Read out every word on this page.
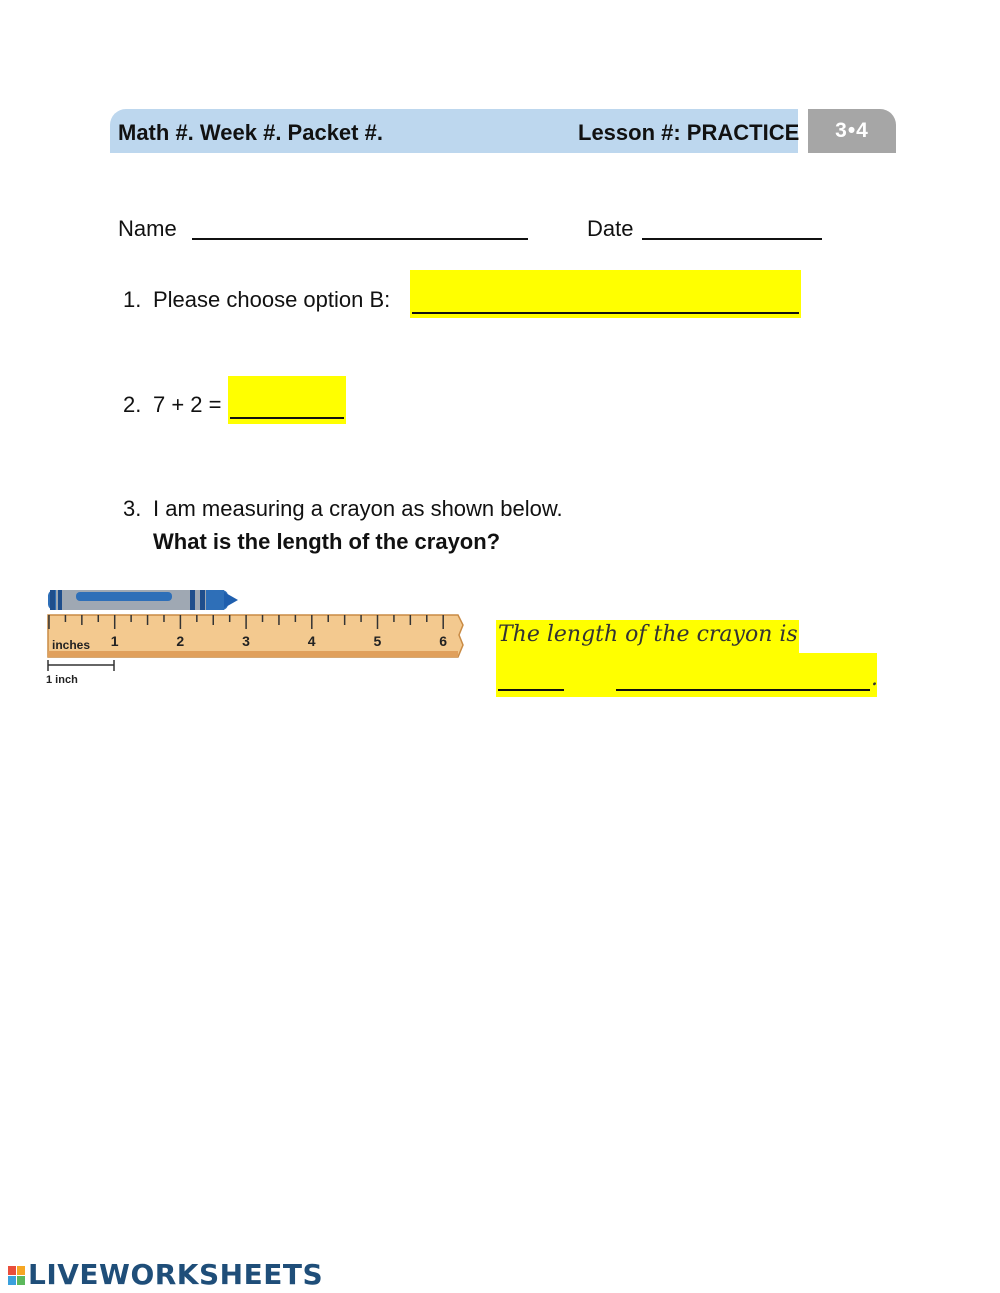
Math #. Week #. Packet #.	Lesson #: PRACTICE	3•4
Name	Date
1. Please choose option B:
2. 7 + 2 =
3. I am measuring a crayon as shown below.
What is the length of the crayon?
inches 1	2	3	4	5	6
1 inch
The length of the crayon is
.
LIVEWORKSHEETS
